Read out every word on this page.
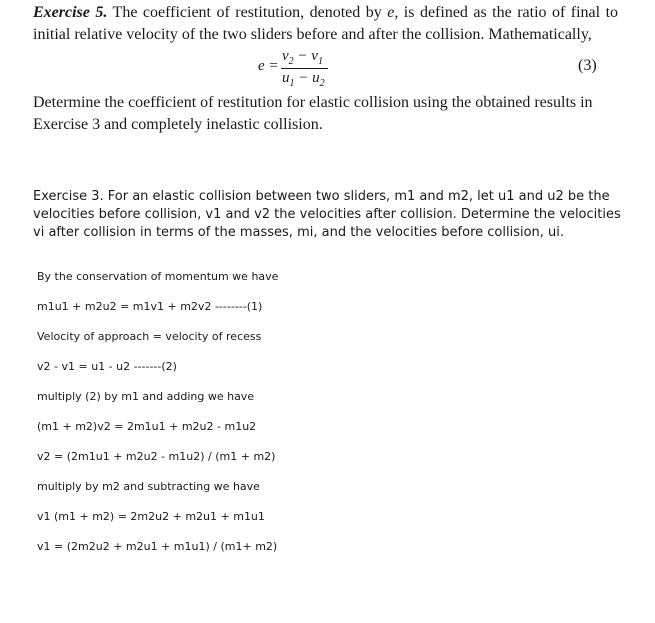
Exercise 5. The coefficient of restitution, denoted by e, is defined as the ratio of final to initial relative velocity of the two sliders before and after the collision. Mathematically,

e =
$v_2 - v_1$
$u_1 - u_2$
(3)

Determine the coefficient of restitution for elastic collision using the obtained results in Exercise 3 and completely inelastic collision.

Exercise 3. For an elastic collision between two sliders, m1 and m2, let u1 and u2 be the velocities before collision, v1 and v2 the velocities after collision. Determine the velocities vi after collision in terms of the masses, mi, and the velocities before collision, ui.

By the conservation of momentum we have
m1u1 + m2u2 = m1v1 + m2v2 --------(1)
Velocity of approach = velocity of recess
v2 - v1 = u1 - u2 -------(2)
multiply (2) by m1 and adding we have
(m1 + m2)v2 = 2m1u1 + m2u2 - m1u2
v2 = (2m1u1 + m2u2 - m1u2) / (m1 + m2)
multiply by m2 and subtracting we have
v1 (m1 + m2) = 2m2u2 + m2u1 + m1u1
v1 = (2m2u2 + m2u1 + m1u1) / (m1+ m2)
